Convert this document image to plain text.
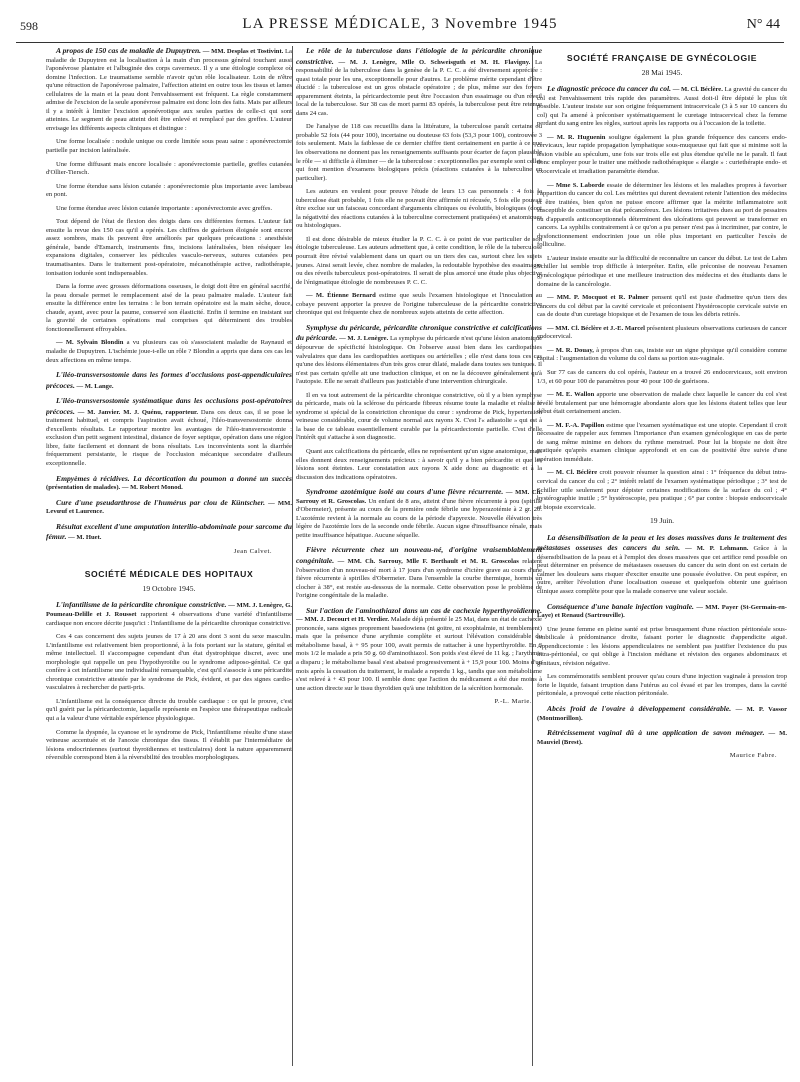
598	LA PRESSE MÉDICALE, 3 Novembre 1945	N° 44
A propos de 150 cas de maladie de Dupuytren. — MM. Desplas et Tostivint. La maladie de Dupuytren est la localisation à la main d'un processus général touchant aussi l'aponévrose plantaire et l'albuginée des corps caverneux. Il y a une étiologie complexe où domine l'infection. Le traumatisme semble n'avoir qu'un rôle localisateur. Loin de n'être qu'une rétraction de l'aponévrose palmaire, l'affection atteint en outre tous les tissus et lames cellulaires de la main et la peau dont l'envahissement est fréquent. La règle constamment admise de l'excision de la seule aponévrose palmaire est donc loin des faits. Mais par ailleurs il y a intérêt à limiter l'excision aponévrotique aux seules parties de celle-ci qui sont atteintes. Le segment de peau atteint doit être enlevé et remplacé par des greffes. L'auteur envisage les différents aspects cliniques et distingue :
Une forme localisée : nodule unique ou corde limitée sous peau saine : aponévrectomie partielle par incision latéralisée.
Une forme diffusant mais encore localisée : aponévrectomie partielle, greffes cutanées d'Ollier-Tiersch.
Une forme étendue sans lésion cutanée : aponévrectomie plus importante avec lambeau en pont.
Une forme étendue avec lésion cutanée importante : aponévrectomie avec greffes.
Tout dépend de l'état de flexion des doigts dans ces différentes formes. L'auteur fait ensuite la revue des 150 cas qu'il a opérés. Les chiffres de guérison éloignée sont encore assez sombres, mais ils peuvent être améliorés par quelques précautions : anesthésie générale, bande d'Esmarch, instruments fins, incisions latéralisées, bien réséquer les expansions digitales, conserver les pédicules vasculo-nerveux, sutures cutanées peu traumatisantes. Dans le traitement post-opératoire, mécanothérapie active, radiothérapie, ionisation iodurée sont indispensables.
Dans la forme avec grosses déformations osseuses, le doigt doit être en général sacrifié, la peau dorsale permet le remplacement aisé de la peau palmaire malade. L'auteur fait ensuite la différence entre les terrains : le bon terrain opératoire est la main sèche, douce, chaude, ayant, avec pour la paume, conservé son élasticité. Enfin il termine en insistant sur la gravité de certaines opérations mal comprises qui déterminent des troubles fonctionnellement effroyables.
— M. Sylvain Blondin a vu plusieurs cas où s'associaient maladie de Raynaud et maladie de Dupuytren. L'ischémie joue-t-elle un rôle ? Blondin a appris que dans ces cas les deux affections en même temps.
L'iléo-transversostomie dans les formes d'occlusions post-appendiculaires précoces. — M. Lange.
L'iléo-transversostomie systématique dans les occlusions post-opératoires précoces. — M. Janvier. M. J. Quénu, rapporteur. Dans ces deux cas, il se pose le traitement habituel, et compris l'aspiration avait échoué, l'iléo-transversostomie donna d'excellents résultats. Le rapporteur montre les avantages de l'iléo-transversostomie : exclusion d'un petit segment intestinal, distance de foyer septique, opération dans une région libre, faite facilement et donnant de bons résultats. Les inconvénients sont la diarrhée fréquemment persistante, le risque de l'occlusion mécanique secondaire d'ailleurs exceptionnelle.
Empyèmes à récidives. La décortication du poumon a donné un succès (présentation de malades). — M. Robert Monod.
Cure d'une pseudarthrose de l'humérus par clou de Küntscher. — MM. Levœuf et Laurence.
Résultat excellent d'une amputation interilio-abdominale pour sarcome du fémur. — M. Huet.
Jean Calvet.
SOCIÉTÉ MÉDICALE DES HOPITAUX
19 Octobre 1945.
L'infantilisme de la péricardite chronique constrictive. — MM. J. Lenègre, G. Poumeau-Delille et J. Rousset rapportent 4 observations d'une variété d'infantilisme cardiaque non encore décrite jusqu'ici : l'infantilisme de la péricardite chronique constrictive.
Ces 4 cas concernent des sujets jeunes de 17 à 20 ans dont 3 sont du sexe masculin. L'infantilisme est relativement bien proportionné, à la fois portant sur la stature, génital et même intellectuel. Il s'accompagne cependant d'un état dystrophique discret, avec une morphologie qui rappelle un peu l'hypothyroïdie ou le syndrome adiposo-génital. Ce qui confère à cet infantilisme une individualité remarquable, c'est qu'il s'associe à une péricardite chronique constrictive attestée par le syndrome de Pick, évident, et par des signes cardio-vasculaires à rechercher de parti-pris.
L'infantilisme est la conséquence directe du trouble cardiaque : ce qui le prouve, c'est qu'il guérit par la péricardectomie, laquelle représente en l'espèce une thérapeutique radicale qui a la valeur d'une véritable expérience physiologique.
Comme la dyspnée, la cyanose et le syndrome de Pick, l'infantilisme résulte d'une stase veineuse accentuée et de l'anoxie chronique des tissus. Il s'établit par l'intermédiaire de lésions endocriniennes (surtout thyroïdiennes et testiculaires) dont la nature apparemment réversible correspond bien à la réversibilité des troubles morphologiques.
Le rôle de la tuberculose dans l'étiologie de la péricardite chronique constrictive. — M. J. Lenègre, Mlle O. Schweisguth et M. H. Flavigny. La responsabilité de la tuberculose dans la genèse de la P. C. C. a été diversement appréciée : quasi totale pour les uns, exceptionnelle pour d'autres. Le problème mérite cependant d'être élucidé : la tuberculose est un gros obstacle opératoire ; de plus, même sur des foyers apparemment éteints, la péricardectomie peut être l'occasion d'un essaimage ou d'un réveil local de la tuberculose. Sur 38 cas de mort parmi 83 opérés, la tuberculose peut être retenue dans 24 cas.
De l'analyse de 118 cas recueillis dans la littérature, la tuberculose paraît certaine ou probable 52 fois (44 pour 100), incertaine ou douteuse 63 fois (53,3 pour 100), controuvée 3 fois seulement. Mais la faiblesse de ce dernier chiffre tient certainement en partie à ce que les observations ne donnent pas les renseignements suffisants pour écarter de façon plausible le rôle — si difficile à éliminer — de la tuberculose : exceptionnelles par exemple sont celles qui font mention d'examens biologiques précis (réactions cutanées à la tuberculine en particulier).
Les auteurs en veulent pour preuve l'étude de leurs 13 cas personnels : 4 fois la tuberculose était probable, 1 fois elle ne pouvait être affirmée ni récusée, 5 fois elle pouvait être exclue sur un faisceau concordant d'arguments cliniques ou évolutifs, biologiques (dont la négativité des réactions cutanées à la tuberculine correctement pratiquées) et anatomiques ou histologiques.
Il est donc désirable de mieux étudier la P. C. C. à ce point de vue particulier de son étiologie tuberculeuse. Les auteurs admettent que, à cette condition, le rôle de la tuberculose pourrait être révisé valablement dans un quart ou un tiers des cas, surtout chez les sujets jeunes. Ainsi serait levée, chez nombre de malades, la redoutable hypothèse des essaimages ou des réveils tuberculeux post-opératoires. Il serait de plus amorcé une étude plus objective de l'énigmatique étiologie de nombreuses P. C. C.
— M. Étienne Bernard estime que seuls l'examen histologique et l'inoculation au cobaye peuvent apporter la preuve de l'origine tuberculeuse de la péricardite constrictive chronique qui est fréquente chez de nombreux sujets atteints de cette affection.
Symphyse du péricarde, péricardite chronique constrictive et calcifications du péricarde. — M. J. Lenègre. La symphyse du péricarde n'est qu'une lésion anatomique dépourvue de spécificité histologique. On l'observe aussi bien dans les cardiopathies valvulaires que dans les cardiopathies aortiques ou artérielles ; elle n'est dans tous ces cas qu'une des lésions élémentaires d'un très gros cœur dilaté, malade dans toutes ses tuniques. Il n'est pas certain qu'elle ait une traduction clinique, et on ne la découvre généralement qu'à l'autopsie. Elle ne serait d'ailleurs pas justiciable d'une intervention chirurgicale.
Il en va tout autrement de la péricardite chronique constrictive, où il y a bien symphyse du péricarde, mais où la sclérose du péricarde fibreux résume toute la maladie et réalise le syndrome si spécial de la constriction chronique du cœur : syndrome de Pick, hypertension veineuse considérable, cœur de volume normal aux rayons X. C'est l'« adiastolie » qui est à la base de ce tableau essentiellement curable par la péricardectomie partielle. C'est d'elle l'intérêt qui s'attache à son diagnostic.
Quant aux calcifications du péricarde, elles ne représentent qu'un signe anatomique, mais elles donnent deux renseignements précieux : à savoir qu'il y a bien péricardite et que les lésions sont éteintes. Leur constatation aux rayons X aide donc au diagnostic et à la discussion des indications opératoires.
Syndrome azotémique isolé au cours d'une fièvre récurrente. — MM. Ch. Sarrouy et R. Groscolas. Un enfant de 8 ans, atteint d'une fièvre récurrente à pou (spirille d'Obermeier), présente au cours de la première onde fébrile une hyperazotémie à 2 gr. 20. L'azotémie revient à la normale au cours de la période d'apyrexie. Nouvelle élévation très légère de l'azotémie lors de la seconde onde fébrile. Aucun signe d'insuffisance rénale, mais petite insuffisance hépatique. Aucune séquelle.
Fièvre récurrente chez un nouveau-né, d'origine vraisemblablement congénitale. — MM. Ch. Sarrouy, Mlle F. Berthault et M. R. Groscolas relatent l'observation d'un nouveau-né mort à 17 jours d'un syndrome d'ictère grave au cours d'une fièvre récurrente à spirilles d'Obermeier. Dans l'ensemble la courbe thermique, hormis un clocher à 38°, est restée au-dessous de la normale. Cette observation pose le problème de l'origine congénitale de la maladie.
Sur l'action de l'aminothiazol dans un cas de cachexie hyperthyroïdienne. — MM. J. Decourt et H. Verdier. Malade déjà présenté le 25 Mai, dans un état de cachexie prononcée, sans signes proprement basedowiens (ni goitre, ni exophtalmie, ni tremblement) mais que la présence d'une arythmie complète et surtout l'élévation considérable du métabolisme basal, à + 95 pour 100, avait permis de rattacher à une hyperthyroïdie. En 3 mois 1/2 le malade a pris 50 g. 60 d'aminothiazol. Son poids s'est élevé de 11 kg. ; l'arythmie a disparu ; le métabolisme basal s'est abaissé progressivement à + 15,9 pour 100. Moins d'un mois après la cessation du traitement, le malade a reperdu 1 kg., tandis que son métabolisme s'est relevé à + 43 pour 100. Il semble donc que l'action du médicament a été due moins à une action directe sur le tissu thyroïdien qu'à une inhibition de la sécrétion hormonale.
P.-L. Marie.
SOCIÉTÉ FRANÇAISE DE GYNÉCOLOGIE
28 Mai 1945.
Le diagnostic précoce du cancer du col. — M. Cl. Béclère. La gravité du cancer du col est l'envahissement très rapide des paramètres. Aussi doit-il être dépisté le plus tôt possible. L'auteur insiste sur son origine fréquemment intracervicale (3 à 5 sur 10 cancers du col) qui l'a amené à préconiser systématiquement le curetage intracervical chez la femme perdant du sang entre les règles, surtout après les rapports ou à l'occasion de la toilette.
— M. R. Huguenin souligne également la plus grande fréquence des cancers endo-cervicaux, leur rapide propagation lymphatique sous-muqueuse qui fait que si minime soit la lésion visible au spéculum, une fois sur trois elle est plus étendue qu'elle ne le paraît. Il faut donc employer pour le traiter une méthode radiothérapique « élargie » : curiethérapie endo- et exocervicale et irradiation paramétrie étendue.
— Mme S. Laborde essaie de déterminer les lésions et les maladies propres à favoriser l'apparition du cancer du col. Les métrites qui durent devraient retenir l'attention des médecins et être traitées, bien qu'on ne puisse encore affirmer que la métrite inflammatoire soit susceptible de constituer un état précancéreux. Les lésions irritatives dues au port de pessaires ou d'appareils anticonceptionnels déterminent des ulcérations qui peuvent se transformer en cancers. La syphilis contrairement à ce qu'on a pu penser n'est pas à incriminer, par contre, le dysfonctionnement endocrinien joue un rôle plus important en particulier l'excès de folliculine.
L'auteur insiste ensuite sur la difficulté de reconnaître un cancer du début. Le test de Lahm Schiller lui semble trop difficile à interpréter. Enfin, elle préconise de nouveau l'examen gynécologique périodique et une meilleure instruction des médecins et des étudiants dans le domaine de la cancérologie.
— MM. P. Mocquot et R. Palmer pensent qu'il est juste d'admettre qu'un tiers des cancers du col début par la cavité cervicale et préconisent l'hystéroscopie cervicale suivie en cas de doute d'un curetage biopsique et de l'examen de tous les débris retirés.
— MM. Cl. Béclère et J.-E. Marcel présentent plusieurs observations curieuses de cancer endocervical.
— M. R. Douay, à propos d'un cas, insiste sur un signe physique qu'il considère comme capital : l'augmentation du volume du col dans sa portion sus-vaginale.
Sur 77 cas de cancers du col opérés, l'auteur en a trouvé 26 endocervicaux, soit environ 1/3, et 60 pour 100 de paramètres pour 40 pour 100 de guérisons.
— M. E. Wallon apporte une observation de malade chez laquelle le cancer du col s'est révélé brutalement par une hémorragie abondante alors que les lésions étaient telles que leur début était certainement ancien.
— M. F.-A. Papillon estime que l'examen systématique est une utopie. Cependant il croit nécessaire de rappeler aux femmes l'importance d'un examen gynécologique en cas de perte de sang même minime en dehors du rythme menstruel. Pour lui la biopsie ne doit être pratiquée qu'après examen clinique approfondi et en cas de positivité être suivie d'une opération immédiate.
— M. Cl. Béclère croit pouvoir résumer la question ainsi : 1° fréquence du début intra-cervical du cancer du col ; 2° intérêt relatif de l'examen systématique périodique ; 3° test de Schiller utile seulement pour dépister certaines modifications de la surface du col ; 4° hystérographie inutile ; 5° hystéroscopie, peu pratique ; 6° par contre : biopsie endocervicale et biopsie excervicale.
19 Juin.
La désensibilisation de la peau et les doses massives dans le traitement des métastases osseuses des cancers du sein. — M. P. Lehmann. Grâce à la désensibilisation de la peau et à l'emploi des doses massives que cet artifice rend possible on peut déterminer en présence de métastases osseuses du cancer du sein dont on est certain de calmer les douleurs sans risquer d'exciter ensuite une poussée évolutive. On peut espérer, en outre, arrêter l'évolution d'une localisation osseuse et quelquefois obtenir une guérison clinique assez complète pour que la malade conserve une valeur sociale.
Conséquence d'une banale injection vaginale. — MM. Payer (St-Germain-en-Laye) et Renaud (Sartrouville).
Une jeune femme en pleine santé est prise brusquement d'une réaction péritonéale sous-ombilicale à prédominance droite, faisant porter le diagnostic d'appendicite aiguë. Appendicectomie : les lésions appendiculaires ne semblent pas justifier l'existence du pus intra-péritonéal, ce qui oblige à l'incision médiane et révision des organes abdominaux et génitaux, révision négative.
Les commémoratifs semblent prouver qu'au cours d'une injection vaginale à pression trop forte le liquide, faisant irruption dans l'utérus au col évasé et par les trompes, dans la cavité péritonéale, a provoqué cette réaction péritonéale.
Abcès froid de l'ovaire à développement considérable. — M. P. Vassor (Montmorillon).
Rétrécissement vaginal dû à une application de savon ménager. — M. Mauviel (Brest).
Maurice Fabre.
